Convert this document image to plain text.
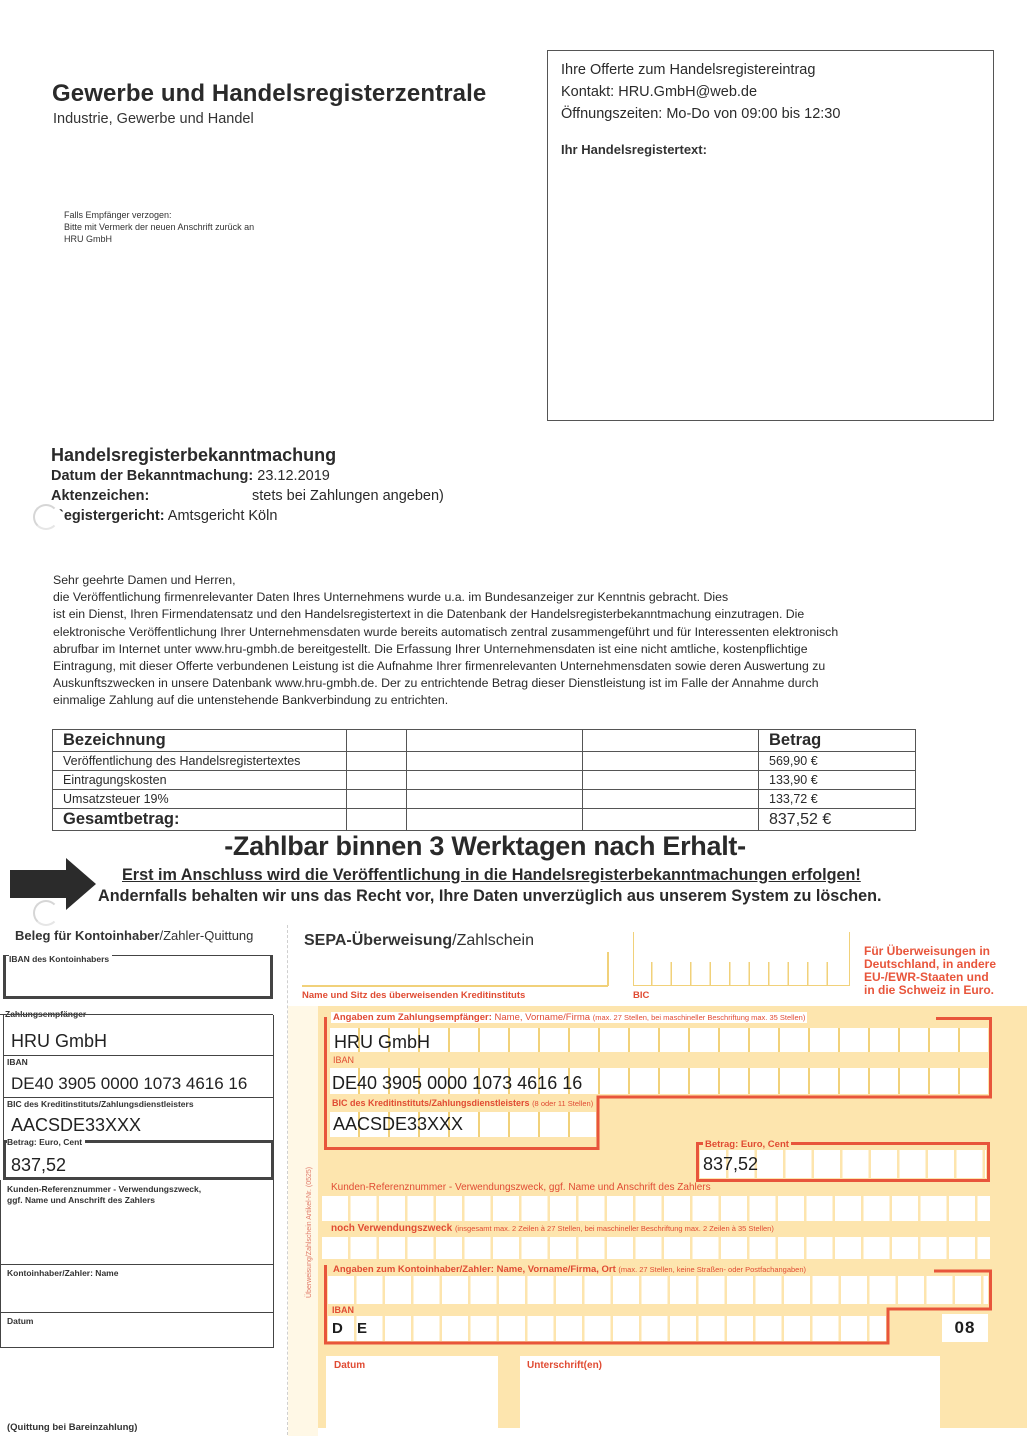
Gewerbe und Handelsregisterzentrale
Industrie, Gewerbe und Handel
Falls Empfänger verzogen:
Bitte mit Vermerk der neuen Anschrift zurück an
HRU GmbH
Ihre Offerte zum Handelsregistereintrag
Kontakt: HRU.GmbH@web.de
Öffnungszeiten: Mo-Do von 09:00 bis 12:30
Ihr Handelsregistertext:
Handelsregisterbekanntmachung
Datum der Bekanntmachung: 23.12.2019
Aktenzeichen:	stets bei Zahlungen angeben)
`egistergericht: Amtsgericht Köln
Sehr geehrte Damen und Herren,
die Veröffentlichung firmenrelevanter Daten Ihres Unternehmens wurde u.a. im Bundesanzeiger zur Kenntnis gebracht. Dies
ist ein Dienst, Ihren Firmendatensatz und den Handelsregistertext in die Datenbank der Handelsregisterbekanntmachung einzutragen. Die
elektronische Veröffentlichung Ihrer Unternehmensdaten wurde bereits automatisch zentral zusammengeführt und für Interessenten elektronisch
abrufbar im Internet unter www.hru-gmbh.de bereitgestellt. Die Erfassung Ihrer Unternehmensdaten ist eine nicht amtliche, kostenpflichtige
Eintragung, mit dieser Offerte verbundenen Leistung ist die Aufnahme Ihrer firmenrelevanten Unternehmensdaten sowie deren Auswertung zu
Auskunftszwecken in unsere Datenbank www.hru-gmbh.de. Der zu entrichtende Betrag dieser Dienstleistung ist im Falle der Annahme durch
einmalige Zahlung auf die untenstehende Bankverbindung zu entrichten.
Bezeichnung				Betrag
Veröffentlichung des Handelsregistertextes				569,90 €
Eintragungskosten				133,90 €
Umsatzsteuer 19%				133,72 €
Gesamtbetrag:				837,52 €
-Zahlbar binnen 3 Werktagen nach Erhalt-
Erst im Anschluss wird die Veröffentlichung in die Handelsregisterbekanntmachungen erfolgen!
Andernfalls behalten wir uns das Recht vor, Ihre Daten unverzüglich aus unserem System zu löschen.
Beleg für Kontoinhaber/Zahler-Quittung
IBAN des Kontoinhabers
Zahlungsempfänger
HRU GmbH
IBAN
DE40 3905 0000 1073 4616 16
BIC des Kreditinstituts/Zahlungsdienstleisters
AACSDE33XXX
Betrag: Euro, Cent
837,52
Kunden-Referenznummer - Verwendungszweck,
ggf. Name und Anschrift des Zahlers
Kontoinhaber/Zahler: Name
Datum
(Quittung bei Bareinzahlung)
SEPA-Überweisung/Zahlschein
Name und Sitz des überweisenden Kreditinstituts	BIC
Für Überweisungen in
Deutschland, in andere
EU-/EWR-Staaten und
in die Schweiz in Euro.
Angaben zum Zahlungsempfänger: Name, Vorname/Firma (max. 27 Stellen, bei maschineller Beschriftung max. 35 Stellen)
HRU GmbH
IBAN
DE40 3905 0000 1073 4616 16
BIC des Kreditinstituts/Zahlungsdienstleisters (8 oder 11 Stellen)
AACSDE33XXX
Betrag: Euro, Cent
837,52
Kunden-Referenznummer - Verwendungszweck, ggf. Name und Anschrift des Zahlers
noch Verwendungszweck (insgesamt max. 2 Zeilen à 27 Stellen, bei maschineller Beschriftung max. 2 Zeilen à 35 Stellen)
Angaben zum Kontoinhaber/Zahler: Name, Vorname/Firma, Ort (max. 27 Stellen, keine Straßen- oder Postfachangaben)
IBAN
D E	08
Datum	Unterschrift(en)
Überweisung/Zahlschein Artikel-Nr. (0525)
